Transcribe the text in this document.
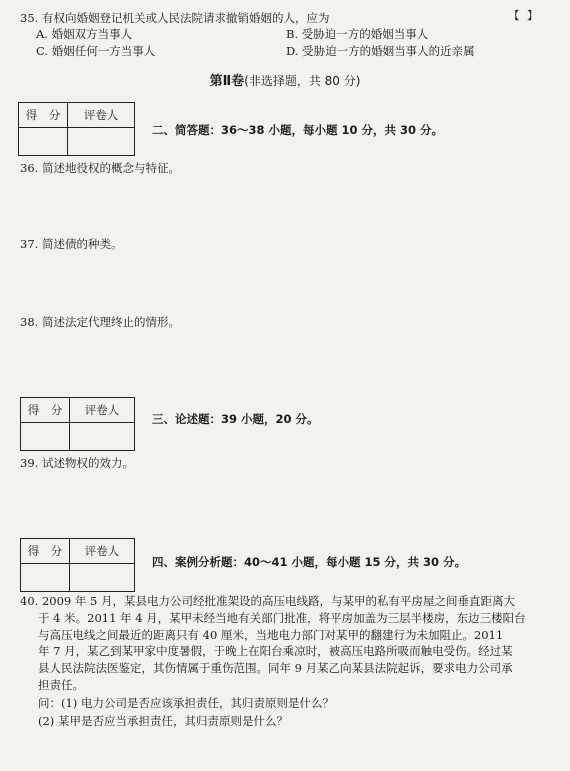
【 】
35. 有权向婚姻登记机关或人民法院请求撤销婚姻的人，应为
A. 婚姻双方当事人	B. 受胁迫一方的婚姻当事人
C. 婚姻任何一方当事人	D. 受胁迫一方的婚姻当事人的近亲属
第Ⅱ卷(非选择题，共 80 分)
得　分	评卷人

二、简答题：36～38 小题，每小题 10 分，共 30 分。
36. 简述地役权的概念与特征。
37. 简述债的种类。
38. 简述法定代理终止的情形。
得　分	评卷人

三、论述题：39 小题，20 分。
39. 试述物权的效力。
得　分	评卷人

四、案例分析题：40～41 小题，每小题 15 分，共 30 分。
40. 2009 年 5 月，某县电力公司经批准架设的高压电线路，与某甲的私有平房屋之间垂直距离大
于 4 米。2011 年 4 月，某甲未经当地有关部门批准，将平房加盖为三层半楼房，东边三楼阳台
与高压电线之间最近的距离只有 40 厘米，当地电力部门对某甲的翻建行为未加阻止。2011
年 7 月，某乙到某甲家中度暑假，于晚上在阳台乘凉时，被高压电路所吸而触电受伤。经过某
县人民法院法医鉴定，其伤情属于重伤范围。同年 9 月某乙向某县法院起诉，要求电力公司承
担责任。
问：(1) 电力公司是否应该承担责任，其归责原则是什么？
(2) 某甲是否应当承担责任，其归责原则是什么？
